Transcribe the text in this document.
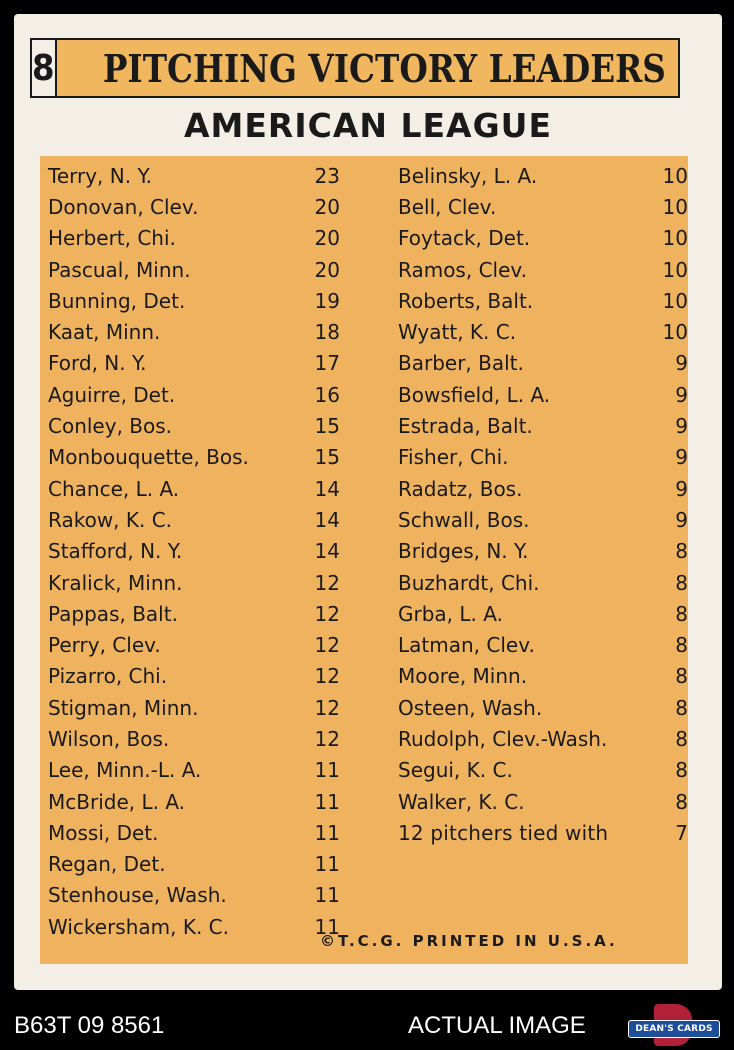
8 PITCHING VICTORY LEADERS
AMERICAN LEAGUE
Terry, N. Y.	23
Donovan, Clev.	20
Herbert, Chi.	20
Pascual, Minn.	20
Bunning, Det.	19
Kaat, Minn.	18
Ford, N. Y.	17
Aguirre, Det.	16
Conley, Bos.	15
Monbouquette, Bos.	15
Chance, L. A.	14
Rakow, K. C.	14
Stafford, N. Y.	14
Kralick, Minn.	12
Pappas, Balt.	12
Perry, Clev.	12
Pizarro, Chi.	12
Stigman, Minn.	12
Wilson, Bos.	12
Lee, Minn.-L. A.	11
McBride, L. A.	11
Mossi, Det.	11
Regan, Det.	11
Stenhouse, Wash.	11
Wickersham, K. C.	11
Belinsky, L. A.	10
Bell, Clev.	10
Foytack, Det.	10
Ramos, Clev.	10
Roberts, Balt.	10
Wyatt, K. C.	10
Barber, Balt.	9
Bowsfield, L. A.	9
Estrada, Balt.	9
Fisher, Chi.	9
Radatz, Bos.	9
Schwall, Bos.	9
Bridges, N. Y.	8
Buzhardt, Chi.	8
Grba, L. A.	8
Latman, Clev.	8
Moore, Minn.	8
Osteen, Wash.	8
Rudolph, Clev.-Wash.	8
Segui, K. C.	8
Walker, K. C.	8
12 pitchers tied with	7
©T.C.G. PRINTED IN U.S.A.
B63T 09 8561	ACTUAL IMAGE	DEAN'S CARDS
